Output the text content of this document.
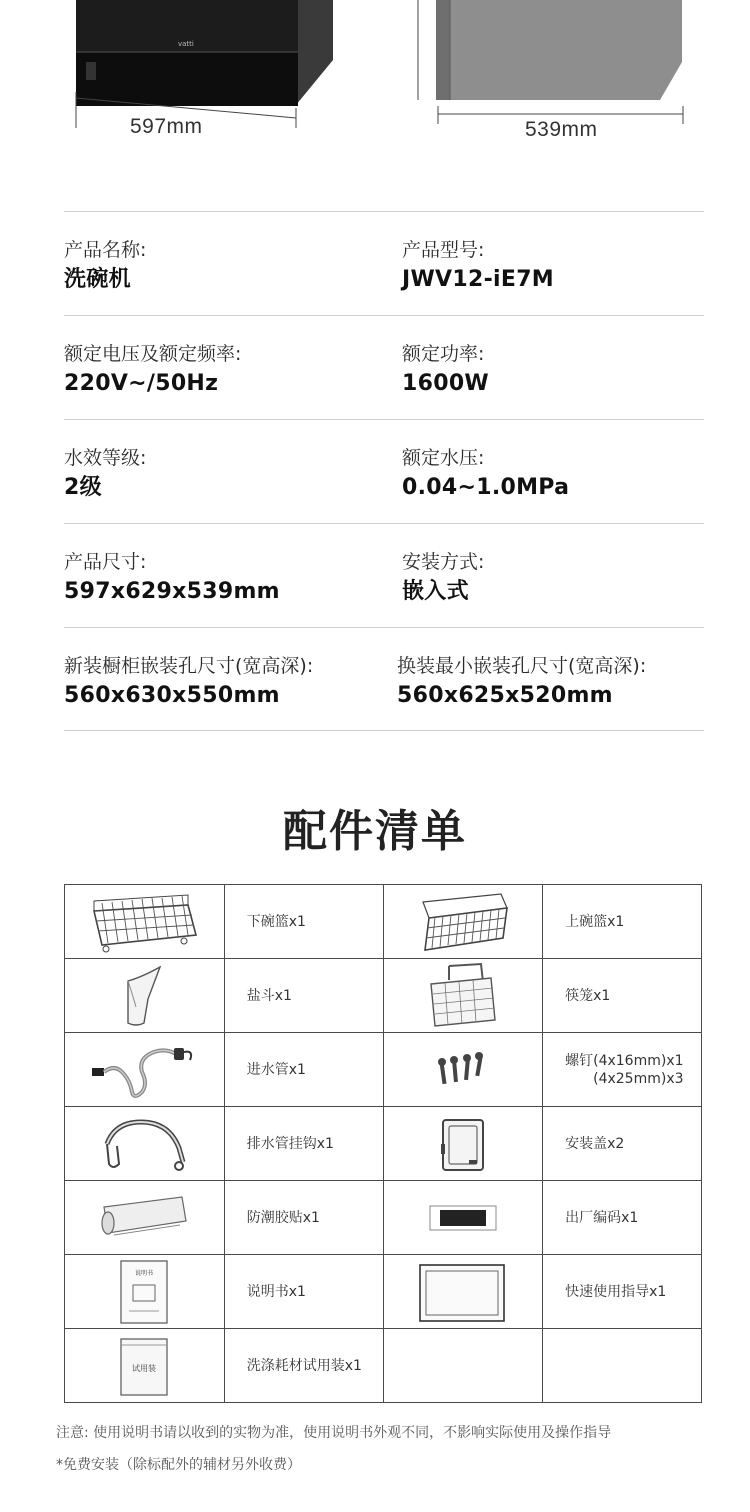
vatti
597mm	539mm
产品名称:
洗碗机
产品型号:
JWV12-iE7M
额定电压及额定频率:
220V~/50Hz
额定功率:
1600W
水效等级:
2级
额定水压:
0.04~1.0MPa
产品尺寸:
597x629x539mm
安装方式:
嵌入式
新装橱柜嵌装孔尺寸(宽高深):
560x630x550mm
换装最小嵌装孔尺寸(宽高深):
560x625x520mm
配件清单
	下碗篮x1		上碗篮x1

	盐斗x1		筷笼x1

	进水管x1		螺钉(4x16mm)x1
(4x25mm)x3

	排水管挂钩x1		安装盖x2

	防潮胶贴x1		出厂编码x1

说明书	说明书x1		快速使用指导x1

试用装	洗涤耗材试用装x1		
注意: 使用说明书请以收到的实物为准，使用说明书外观不同，不影响实际使用及操作指导
*免费安装（除标配外的辅材另外收费）
